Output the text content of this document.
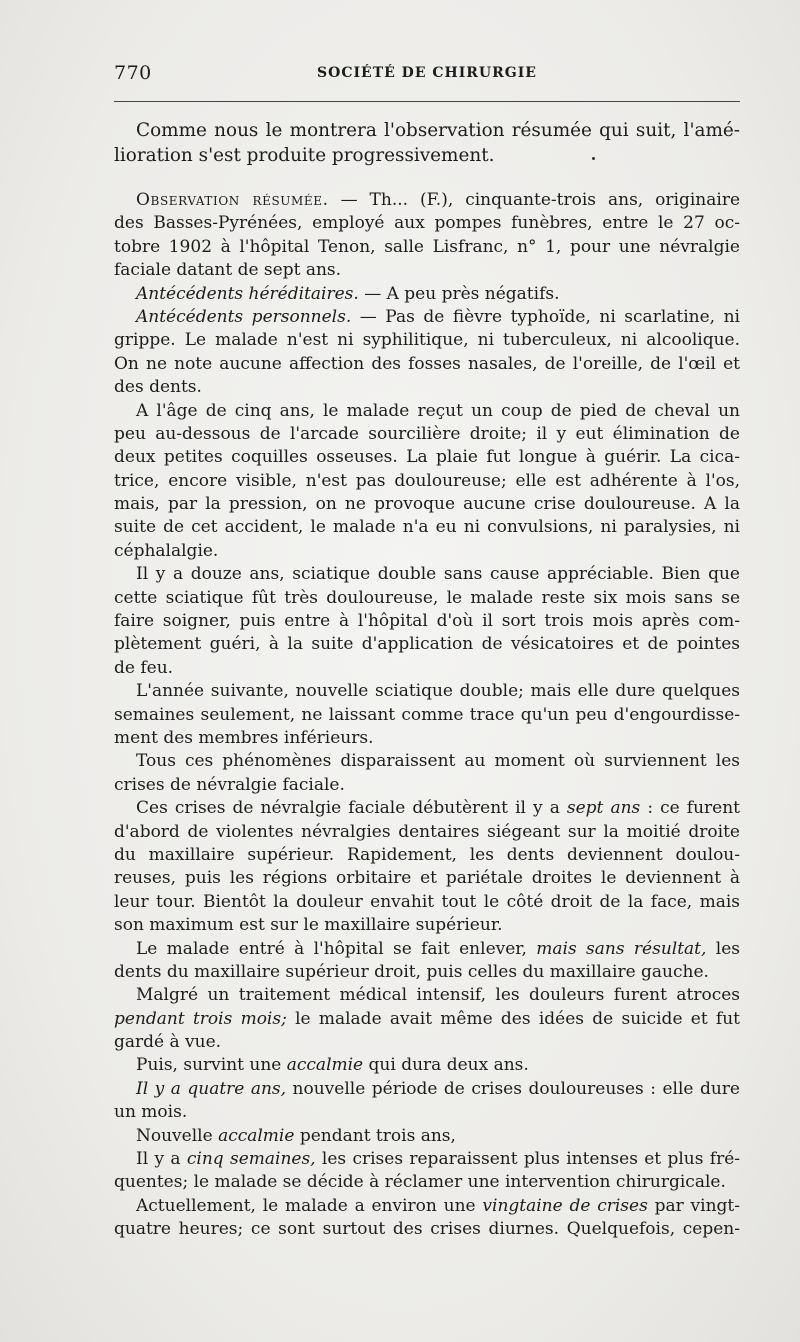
770	SOCIÉTÉ DE CHIRURGIE
Comme nous le montrera l'observation résumée qui suit, l'amé-
lioration s'est produite progressivement.
Observation résumée. — Th... (F.), cinquante-trois ans, originaire
des Basses-Pyrénées, employé aux pompes funèbres, entre le 27 oc-
tobre 1902 à l'hôpital Tenon, salle Lisfranc, n° 1, pour une névralgie
faciale datant de sept ans.
Antécédents héréditaires. — A peu près négatifs.
Antécédents personnels. — Pas de fièvre typhoïde, ni scarlatine, ni
grippe. Le malade n'est ni syphilitique, ni tuberculeux, ni alcoolique.
On ne note aucune affection des fosses nasales, de l'oreille, de l'œil et
des dents.
A l'âge de cinq ans, le malade reçut un coup de pied de cheval un
peu au-dessous de l'arcade sourcilière droite; il y eut élimination de
deux petites coquilles osseuses. La plaie fut longue à guérir. La cica-
trice, encore visible, n'est pas douloureuse; elle est adhérente à l'os,
mais, par la pression, on ne provoque aucune crise douloureuse. A la
suite de cet accident, le malade n'a eu ni convulsions, ni paralysies, ni
céphalalgie.
Il y a douze ans, sciatique double sans cause appréciable. Bien que
cette sciatique fût très douloureuse, le malade reste six mois sans se
faire soigner, puis entre à l'hôpital d'où il sort trois mois après com-
plètement guéri, à la suite d'application de vésicatoires et de pointes
de feu.
L'année suivante, nouvelle sciatique double; mais elle dure quelques
semaines seulement, ne laissant comme trace qu'un peu d'engourdisse-
ment des membres inférieurs.
Tous ces phénomènes disparaissent au moment où surviennent les
crises de névralgie faciale.
Ces crises de névralgie faciale débutèrent il y a sept ans : ce furent
d'abord de violentes névralgies dentaires siégeant sur la moitié droite
du maxillaire supérieur. Rapidement, les dents deviennent doulou-
reuses, puis les régions orbitaire et pariétale droites le deviennent à
leur tour. Bientôt la douleur envahit tout le côté droit de la face, mais
son maximum est sur le maxillaire supérieur.
Le malade entré à l'hôpital se fait enlever, mais sans résultat, les
dents du maxillaire supérieur droit, puis celles du maxillaire gauche.
Malgré un traitement médical intensif, les douleurs furent atroces
pendant trois mois; le malade avait même des idées de suicide et fut
gardé à vue.
Puis, survint une accalmie qui dura deux ans.
Il y a quatre ans, nouvelle période de crises douloureuses : elle dure
un mois.
Nouvelle accalmie pendant trois ans,
Il y a cinq semaines, les crises reparaissent plus intenses et plus fré-
quentes; le malade se décide à réclamer une intervention chirurgicale.
Actuellement, le malade a environ une vingtaine de crises par vingt-
quatre heures; ce sont surtout des crises diurnes. Quelquefois, cepen-
